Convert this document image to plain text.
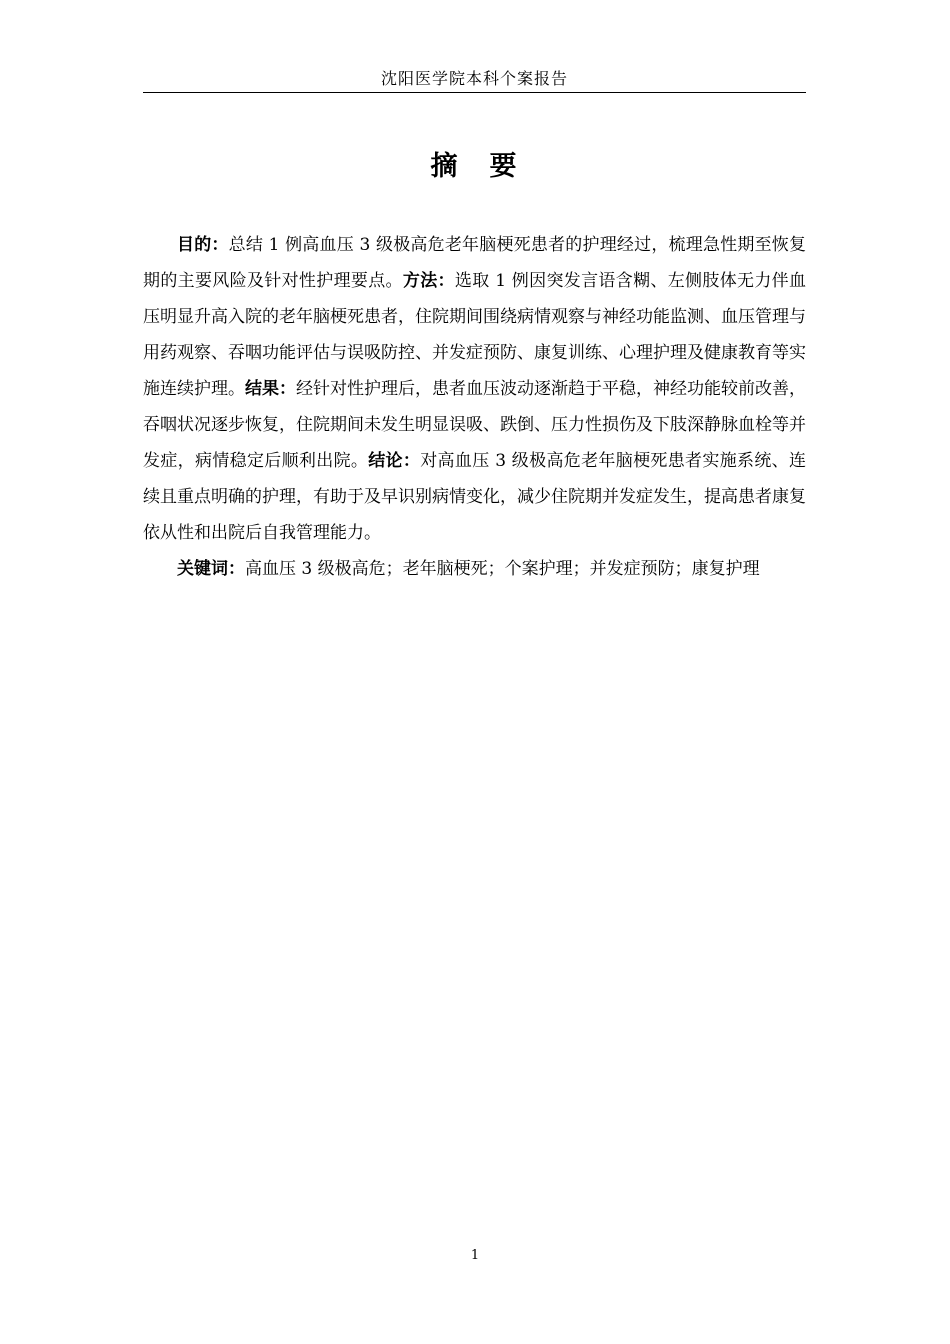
沈阳医学院本科个案报告
摘 要

目的：总结 1 例高血压 3 级极高危老年脑梗死患者的护理经过，梳理急性期至恢复期的主要风险及针对性护理要点。方法：选取 1 例因突发言语含糊、左侧肢体无力伴血压明显升高入院的老年脑梗死患者，住院期间围绕病情观察与神经功能监测、血压管理与用药观察、吞咽功能评估与误吸防控、并发症预防、康复训练、心理护理及健康教育等实施连续护理。结果：经针对性护理后，患者血压波动逐渐趋于平稳，神经功能较前改善，吞咽状况逐步恢复，住院期间未发生明显误吸、跌倒、压力性损伤及下肢深静脉血栓等并发症，病情稳定后顺利出院。结论：对高血压 3 级极高危老年脑梗死患者实施系统、连续且重点明确的护理，有助于及早识别病情变化，减少住院期并发症发生，提高患者康复依从性和出院后自我管理能力。

关键词：高血压 3 级极高危；老年脑梗死；个案护理；并发症预防；康复护理

1
